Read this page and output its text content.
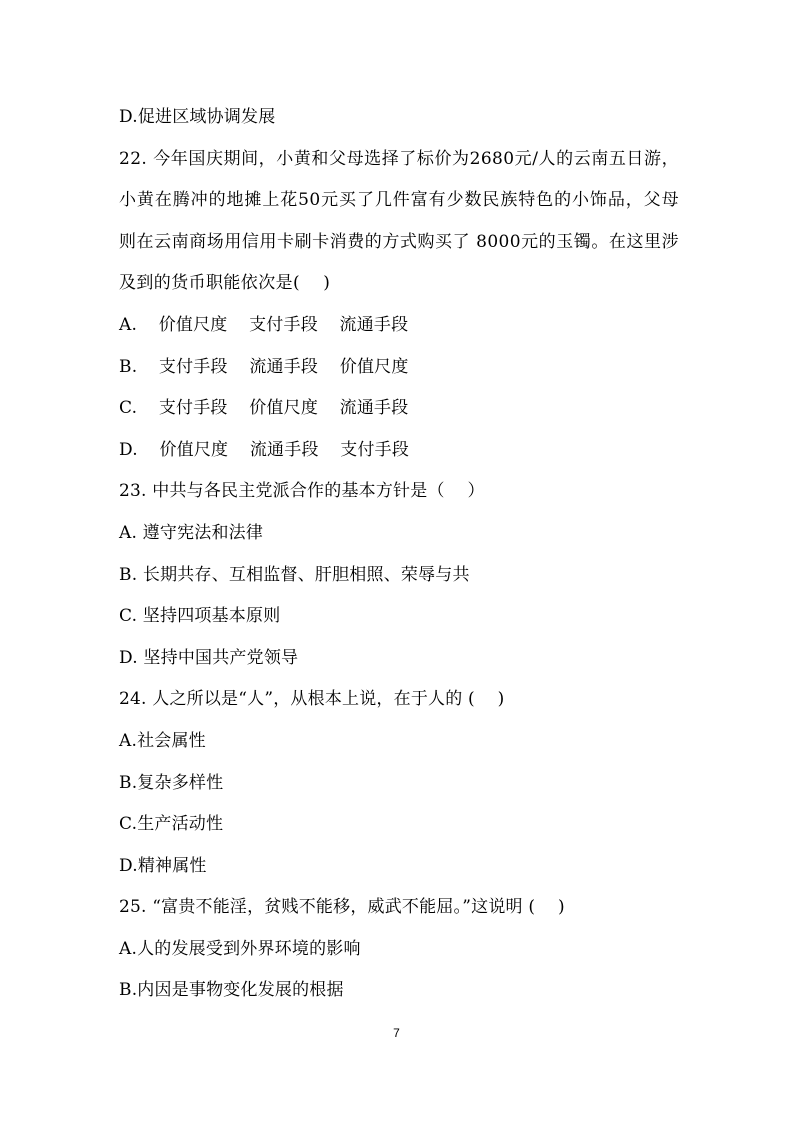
D.促进区域协调发展
22. 今年国庆期间，小黄和父母选择了标价为2680元/人的云南五日游，小黄在腾冲的地摊上花50元买了几件富有少数民族特色的小饰品，父母则在云南商场用信用卡刷卡消费的方式购买了 8000元的玉镯。在这里涉及到的货币职能依次是(　 )
A. 价值尺度 支付手段 流通手段
B. 支付手段 流通手段 价值尺度
C. 支付手段 价值尺度 流通手段
D. 价值尺度 流通手段 支付手段
23. 中共与各民主党派合作的基本方针是（　 ）
A. 遵守宪法和法律
B. 长期共存、互相监督、肝胆相照、荣辱与共
C. 坚持四项基本原则
D. 坚持中国共产党领导
24. 人之所以是“人”，从根本上说，在于人的 (　 )
A.社会属性
B.复杂多样性
C.生产活动性
D.精神属性
25. “富贵不能淫，贫贱不能移，威武不能屈。”这说明 (　 )
A.人的发展受到外界环境的影响
B.内因是事物变化发展的根据
7
